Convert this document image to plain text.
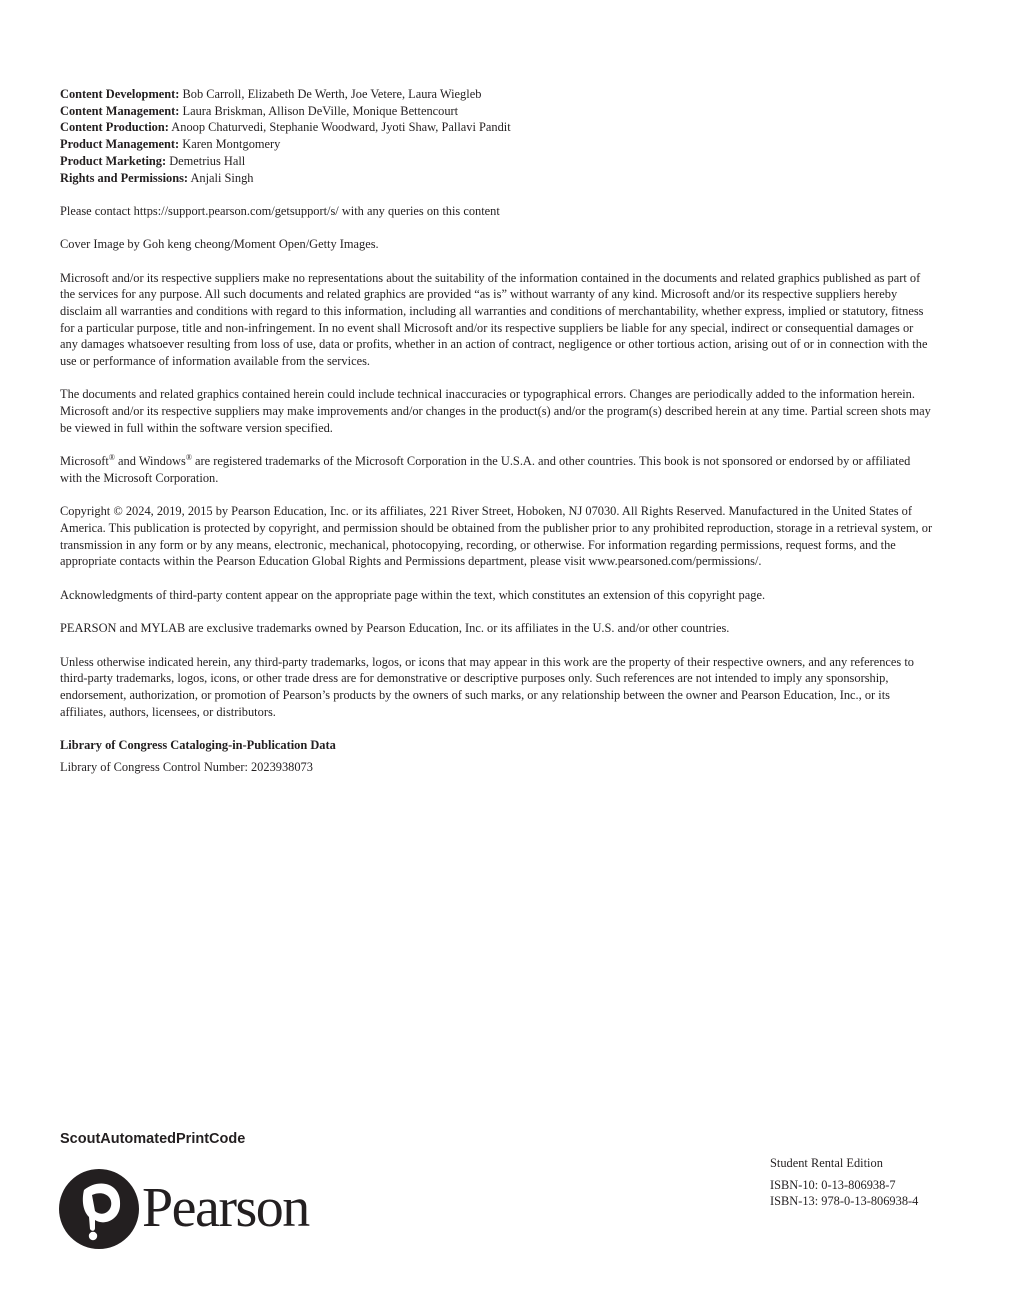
Content Development: Bob Carroll, Elizabeth De Werth, Joe Vetere, Laura Wiegleb
Content Management: Laura Briskman, Allison DeVille, Monique Bettencourt
Content Production: Anoop Chaturvedi, Stephanie Woodward, Jyoti Shaw, Pallavi Pandit
Product Management: Karen Montgomery
Product Marketing: Demetrius Hall
Rights and Permissions: Anjali Singh
Please contact https://support.pearson.com/getsupport/s/ with any queries on this content
Cover Image by Goh keng cheong/Moment Open/Getty Images.
Microsoft and/or its respective suppliers make no representations about the suitability of the information contained in the documents and related graphics published as part of the services for any purpose. All such documents and related graphics are provided “as is” without warranty of any kind. Microsoft and/or its respective suppliers hereby disclaim all warranties and conditions with regard to this information, including all warranties and conditions of merchantability, whether express, implied or statutory, fitness for a particular purpose, title and non-infringement. In no event shall Microsoft and/or its respective suppliers be liable for any special, indirect or consequential damages or any damages whatsoever resulting from loss of use, data or profits, whether in an action of contract, negligence or other tortious action, arising out of or in connection with the use or performance of information available from the services.
The documents and related graphics contained herein could include technical inaccuracies or typographical errors. Changes are periodically added to the information herein. Microsoft and/or its respective suppliers may make improvements and/or changes in the product(s) and/or the program(s) described herein at any time. Partial screen shots may be viewed in full within the software version specified.
Microsoft® and Windows® are registered trademarks of the Microsoft Corporation in the U.S.A. and other countries. This book is not sponsored or endorsed by or affiliated with the Microsoft Corporation.
Copyright © 2024, 2019, 2015 by Pearson Education, Inc. or its affiliates, 221 River Street, Hoboken, NJ 07030. All Rights Reserved. Manufactured in the United States of America. This publication is protected by copyright, and permission should be obtained from the publisher prior to any prohibited reproduction, storage in a retrieval system, or transmission in any form or by any means, electronic, mechanical, photocopying, recording, or otherwise. For information regarding permissions, request forms, and the appropriate contacts within the Pearson Education Global Rights and Permissions department, please visit www.pearsoned.com/permissions/.
Acknowledgments of third-party content appear on the appropriate page within the text, which constitutes an extension of this copyright page.
PEARSON and MYLAB are exclusive trademarks owned by Pearson Education, Inc. or its affiliates in the U.S. and/or other countries.
Unless otherwise indicated herein, any third-party trademarks, logos, or icons that may appear in this work are the property of their respective owners, and any references to third-party trademarks, logos, icons, or other trade dress are for demonstrative or descriptive purposes only. Such references are not intended to imply any sponsorship, endorsement, authorization, or promotion of Pearson’s products by the owners of such marks, or any relationship between the owner and Pearson Education, Inc., or its affiliates, authors, licensees, or distributors.
Library of Congress Cataloging-in-Publication Data
Library of Congress Control Number: 2023938073
ScoutAutomatedPrintCode
Pearson
Student Rental Edition
ISBN-10: 0-13-806938-7
ISBN-13: 978-0-13-806938-4
